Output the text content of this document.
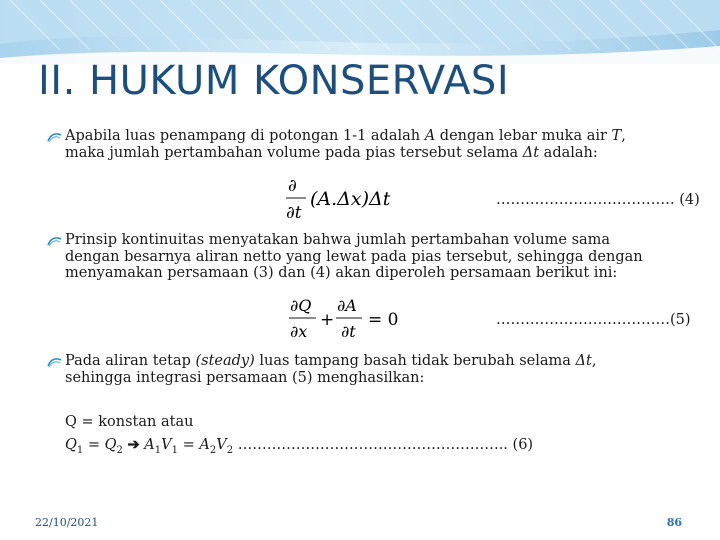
II. HUKUM KONSERVASI
Apabila luas penampang di potongan 1-1 adalah A dengan lebar muka air T,
maka jumlah pertambahan volume pada pias tersebut selama Δt adalah:
∂
∂t
(A.Δx)Δt	………………………………. (4)
Prinsip kontinuitas menyatakan bahwa jumlah pertambahan volume sama
dengan besarnya aliran netto yang lewat pada pias tersebut, sehingga dengan
menyamakan persamaan (3) dan (4) akan diperoleh persamaan berikut ini:
∂Q
∂x
+
∂A
∂t
= 0	………………………………(5)
Pada aliran tetap (steady) luas tampang basah tidak berubah selama Δt,
sehingga integrasi persamaan (5) menghasilkan:
Q = konstan atau
$Q_1 = Q_2$ ➔ $A_1V_1 = A_2V_2$ ……………………………………………….. (6)
22/10/2021	86
